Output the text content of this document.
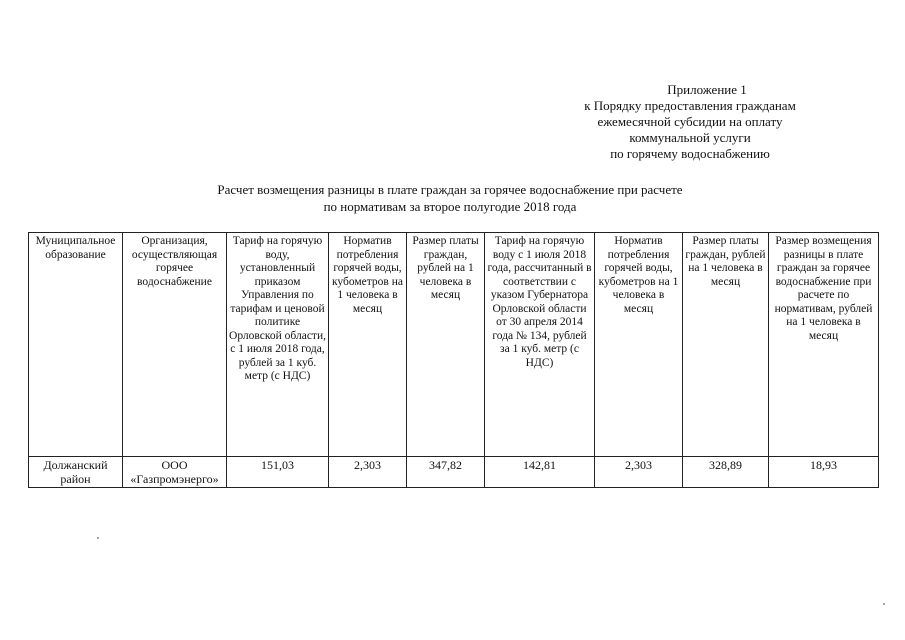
Приложение 1
к Порядку предоставления гражданам
ежемесячной субсидии на оплату
коммунальной услуги
по горячему водоснабжению
Расчет возмещения разницы в плате граждан за горячее водоснабжение при расчете
по нормативам за второе полугодие 2018 года
Муниципальное образование	Организация, осуществляющая горячее водоснабжение	Тариф на горячую воду, установленный приказом Управления по тарифам и ценовой политике Орловской области, с 1 июля 2018 года, рублей за 1 куб. метр (с НДС)	Норматив потребления горячей воды, кубометров на 1 человека в месяц	Размер платы граждан, рублей на 1 человека в месяц	Тариф на горячую воду с 1 июля 2018 года, рассчитанный в соответствии с указом Губернатора Орловской области от 30 апреля 2014 года № 134, рублей за 1 куб. метр (с НДС)	Норматив потребления горячей воды, кубометров на 1 человека в месяц	Размер платы граждан, рублей на 1 человека в месяц	Размер возмещения разницы в плате граждан за горячее водоснабжение при расчете по нормативам, рублей на 1 человека в месяц
Должанский район	ООО «Газпромэнерго»	151,03	2,303	347,82	142,81	2,303	328,89	18,93
